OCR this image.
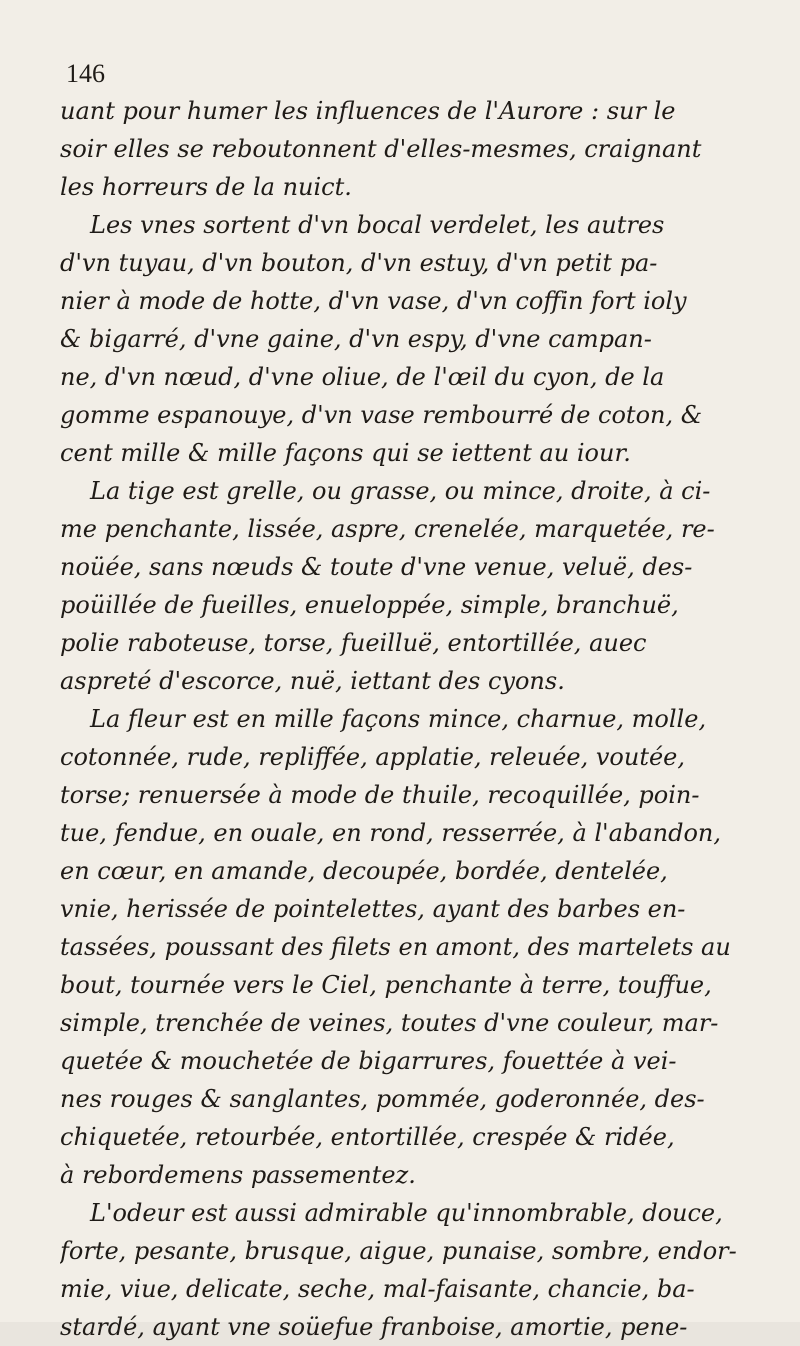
146

uant pour humer les influences de l'Aurore : sur le
soir elles se reboutonnent d'elles-mesmes, craignant
les horreurs de la nuict.

Les vnes sortent d'vn bocal verdelet, les autres
d'vn tuyau, d'vn bouton, d'vn estuy, d'vn petit pa-
nier à mode de hotte, d'vn vase, d'vn coffin fort ioly
& bigarré, d'vne gaine, d'vn espy, d'vne campan-
ne, d'vn nœud, d'vne oliue, de l'œil du cyon, de la
gomme espanouye, d'vn vase rembourré de coton, &
cent mille & mille façons qui se iettent au iour.

La tige est grelle, ou grasse, ou mince, droite, à ci-
me penchante, lissée, aspre, crenelée, marquetée, re-
noüée, sans nœuds & toute d'vne venue, veluë, des-
poüillée de fueilles, enueloppée, simple, branchuë,
polie raboteuse, torse, fueilluë, entortillée, auec
aspreté d'escorce, nuë, iettant des cyons.

La fleur est en mille façons mince, charnue, molle,
cotonnée, rude, repliffée, applatie, releuée, voutée,
torse; renuersée à mode de thuile, recoquillée, poin-
tue, fendue, en ouale, en rond, resserrée, à l'abandon,
en cœur, en amande, decoupée, bordée, dentelée,
vnie, herissée de pointelettes, ayant des barbes en-
tassées, poussant des filets en amont, des martelets au
bout, tournée vers le Ciel, penchante à terre, touffue,
simple, trenchée de veines, toutes d'vne couleur, mar-
quetée & mouchetée de bigarrures, fouettée à vei-
nes rouges & sanglantes, pommée, goderonnée, des-
chiquetée, retourbée, entortillée, crespée & ridée,
à rebordemens passementez.

L'odeur est aussi admirable qu'innombrable, douce,
forte, pesante, brusque, aigue, punaise, sombre, endor-
mie, viue, delicate, seche, mal-faisante, chancie, ba-
stardé, ayant vne soüefue franboise, amortie, pene-
